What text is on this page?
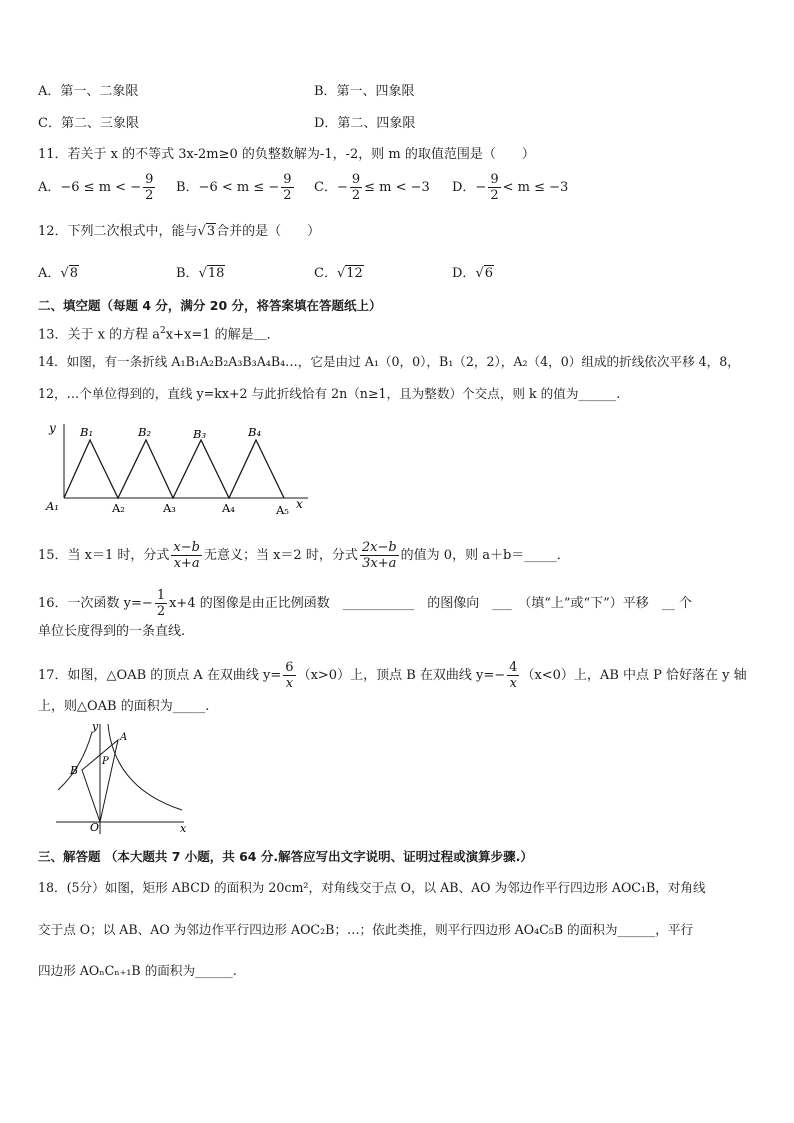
A．第一、二象限	B．第一、四象限
C．第二、三象限	D．第二、四象限
11．若关于 x 的不等式 3x-2m≥0 的负整数解为-1，-2，则 m 的取值范围是（　　）
A．−6 ≤ m < − $\frac{9}{2}$ B．−6 < m ≤ − $\frac{9}{2}$ C．− $\frac{9}{2} \le m < -3$ D．− $\frac{9}{2} < m \le -3$
12．下列二次根式中，能与√3合并的是（　　）
A．√8	B．√18	C．√12	D．√6
二、填空题（每题 4 分，满分 20 分，将答案填在答题纸上）
13．关于 x 的方程 $a^2x+x=1$ 的解是＿．
14．如图，有一条折线 A₁B₁A₂B₂A₃B₃A₄B₄…，它是由过 A₁（0，0），B₁（2，2），A₂（4，0）组成的折线依次平移 4，8，
12，…个单位得到的，直线 y=kx+2 与此折线恰有 2n（n≥1，且为整数）个交点，则 k 的值为______.
y
x
B₁	B₂	B₃	B₄
A₁	A₂	A₃	A₄	A₅
15．当 x＝1 时，分式 $\frac{x-b}{x+a}$ 无意义；当 x＝2 时，分式 $\frac{2x-b}{3x+a}$ 的值为 0，则 a＋b＝_____．
16．一次函数 $y=- \frac{1}{2} x+4$ 的图像是由正比例函数　___________　的图像向　___　（填“上”或“下”）平移　__ 个
单位长度得到的一条直线.
17．如图，△OAB 的顶点 A 在双曲线 $y= \frac{6}{x} (x>0)$上，顶点 B 在双曲线 $y=- \frac{4}{x} (x<0)$上，AB 中点 P 恰好落在 y 轴
上，则△OAB 的面积为_____.
y
x
O
A
B
P
三、解答题 （本大题共 7 小题，共 64 分.解答应写出文字说明、证明过程或演算步骤.）
18．(5分）如图，矩形 ABCD 的面积为 20cm²，对角线交于点 O，以 AB、AO 为邻边作平行四边形 AOC₁B，对角线
交于点 O；以 AB、AO 为邻边作平行四边形 AOC₂B；…；依此类推，则平行四边形 AO₄C₅B 的面积为______，平行
四边形 AOₙCₙ₊₁B 的面积为______.
